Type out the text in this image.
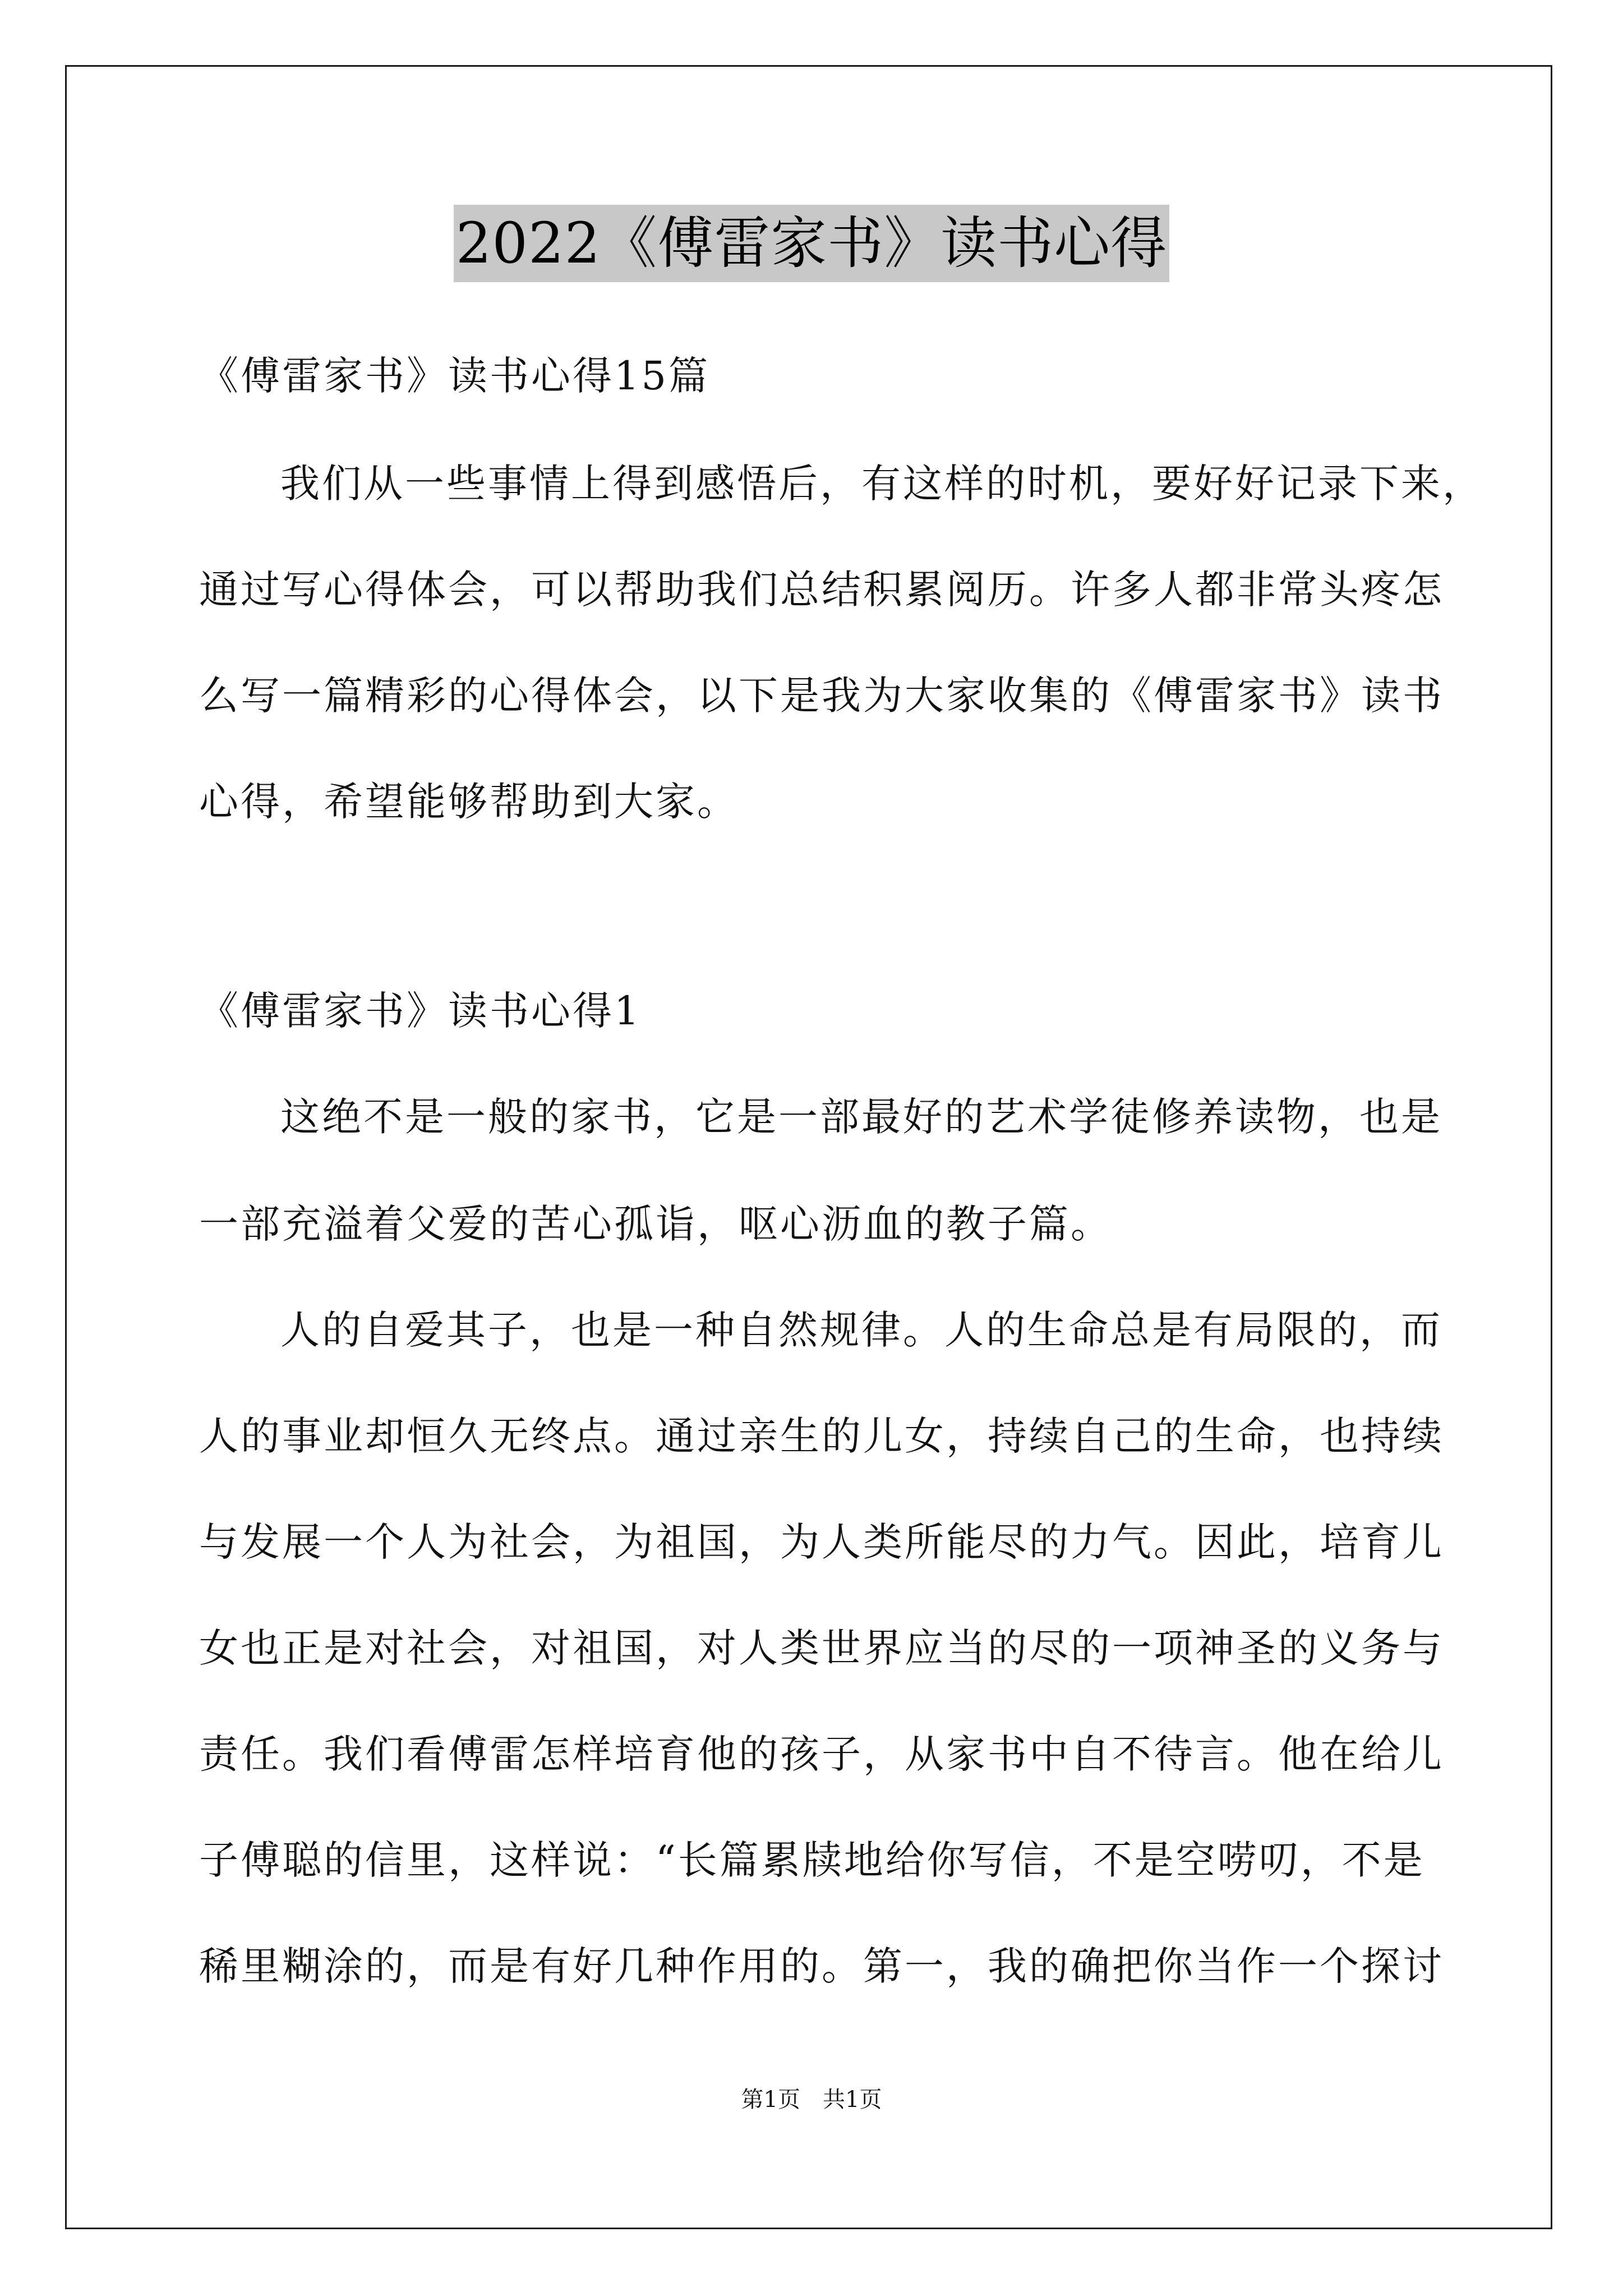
2022《傅雷家书》读书心得
《傅雷家书》读书心得15篇
我们从一些事情上得到感悟后，有这样的时机，要好好记录下来，
通过写心得体会，可以帮助我们总结积累阅历。许多人都非常头疼怎
么写一篇精彩的心得体会，以下是我为大家收集的《傅雷家书》读书
心得，希望能够帮助到大家。
《傅雷家书》读书心得1
这绝不是一般的家书，它是一部最好的艺术学徒修养读物，也是
一部充溢着父爱的苦心孤诣，呕心沥血的教子篇。
人的自爱其子，也是一种自然规律。人的生命总是有局限的，而
人的事业却恒久无终点。通过亲生的儿女，持续自己的生命，也持续
与发展一个人为社会，为祖国，为人类所能尽的力气。因此，培育儿
女也正是对社会，对祖国，对人类世界应当的尽的一项神圣的义务与
责任。我们看傅雷怎样培育他的孩子，从家书中自不待言。他在给儿
子傅聪的信里，这样说：“长篇累牍地给你写信，不是空唠叨，不是
稀里糊涂的，而是有好几种作用的。第一，我的确把你当作一个探讨
第1页　共1页
